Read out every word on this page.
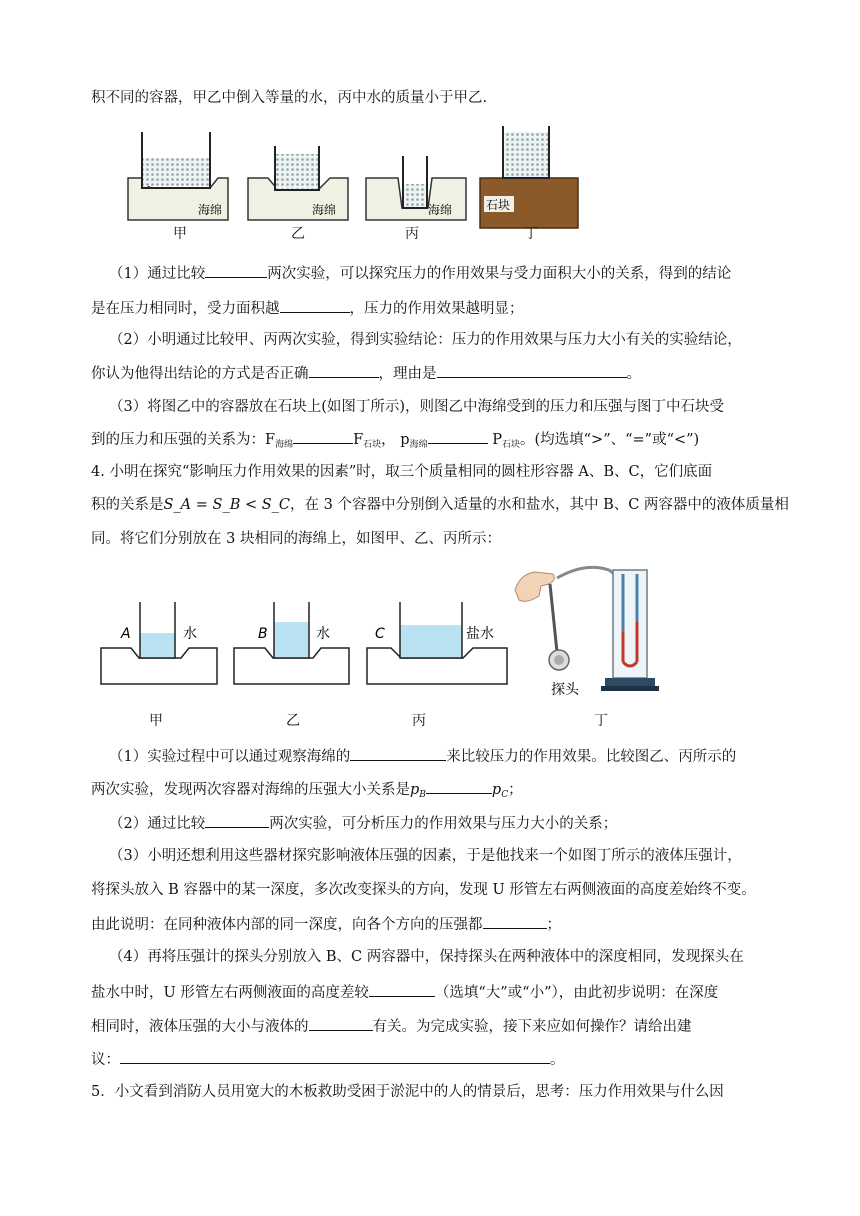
积不同的容器，甲乙中倒入等量的水，丙中水的质量小于甲乙.
海绵	海绵	海绵	石块
甲	乙	丙	丁
（1）通过比较	两次实验，可以探究压力的作用效果与受力面积大小的关系，得到的结论
是在压力相同时，受力面积越	，压力的作用效果越明显；
（2）小明通过比较甲、丙两次实验，得到实验结论：压力的作用效果与压力大小有关的实验结论，
你认为他得出结论的方式是否正确	，理由是	。
（3）将图乙中的容器放在石块上(如图丁所示)，则图乙中海绵受到的压力和压强与图丁中石块受
到的压力和压强的关系为：$F_{海绵}$	$F_{石块}$， $p_{海绵}$	$P_{石块}$。(均选填“>”、“=”或“<”)
4. 小明在探究“影响压力作用效果的因素”时，取三个质量相同的圆柱形容器 A、B、C，它们底面
积的关系是S_A = S_B < S_C，在 3 个容器中分别倒入适量的水和盐水，其中 B、C 两容器中的液体质量相
同。将它们分别放在 3 块相同的海绵上，如图甲、乙、丙所示：
A	水	B	水	C	盐水
探头
甲	乙	丙	丁
（1）实验过程中可以通过观察海绵的	来比较压力的作用效果。比较图乙、丙所示的
两次实验，发现两次容器对海绵的压强大小关系是$p_B$	$p_C$；
（2）通过比较	两次实验，可分析压力的作用效果与压力大小的关系；
（3）小明还想利用这些器材探究影响液体压强的因素，于是他找来一个如图丁所示的液体压强计，
将探头放入 B 容器中的某一深度，多次改变探头的方向，发现 U 形管左右两侧液面的高度差始终不变。
由此说明：在同种液体内部的同一深度，向各个方向的压强都	；
（4）再将压强计的探头分别放入 B、C 两容器中，保持探头在两种液体中的深度相同，发现探头在
盐水中时，U 形管左右两侧液面的高度差较	（选填“大”或“小”），由此初步说明：在深度
相同时，液体压强的大小与液体的	有关。为完成实验，接下来应如何操作？请给出建
议：	。
5．小文看到消防人员用宽大的木板救助受困于淤泥中的人的情景后，思考：压力作用效果与什么因
